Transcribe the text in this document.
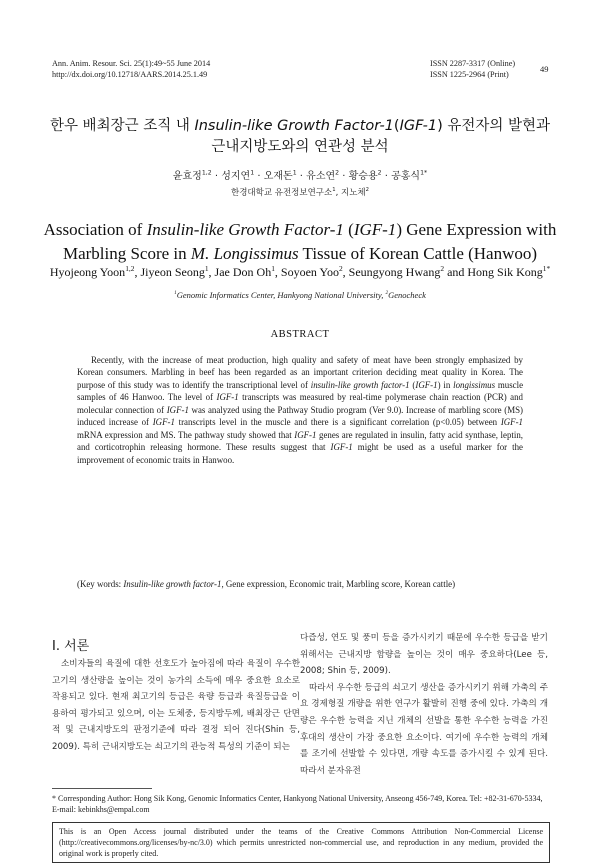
Ann. Anim. Resour. Sci. 25(1):49~55 June 2014
http://dx.doi.org/10.12718/AARS.2014.25.1.49
ISSN 2287-3317 (Online)
ISSN 1225-2964 (Print)
49
한우 배최장근 조직 내 Insulin-like Growth Factor-1(IGF-1) 유전자의 발현과
근내지방도와의 연관성 분석
윤효정$^{1,2}$ · 성지연$^1$ · 오재돈$^1$ · 유소연$^2$ · 황승용$^2$ · 공홍식$^{1*}$
한경대학교 유전정보연구소$^1$, 지노체$^2$
Association of Insulin-like Growth Factor-1 (IGF-1) Gene Expression with
Marbling Score in M. Longissimus Tissue of Korean Cattle (Hanwoo)
Hyojeong Yoon$^{1,2}$, Jiyeon Seong$^1$, Jae Don Oh$^1$, Soyoen Yoo$^2$, Seungyong Hwang$^2$ and Hong Sik Kong$^{1*}$
$^1$Genomic Informatics Center, Hankyong National University, $^2$Genocheck
ABSTRACT
Recently, with the increase of meat production, high quality and safety of meat have been strongly emphasized by Korean consumers. Marbling in beef has been regarded as an important criterion deciding meat quality in Korea. The purpose of this study was to identify the transcriptional level of insulin-like growth factor-1 (IGF-1) in longissimus muscle samples of 46 Hanwoo. The level of IGF-1 transcripts was measured by real-time polymerase chain reaction (PCR) and molecular connection of IGF-1 was analyzed using the Pathway Studio program (Ver 9.0). Increase of marbling score (MS) induced increase of IGF-1 transcripts level in the muscle and there is a significant correlation (p<0.05) between IGF-1 mRNA expression and MS. The pathway study showed that IGF-1 genes are regulated in insulin, fatty acid synthase, leptin, and corticotrophin releasing hormone. These results suggest that IGF-1 might be used as a useful marker for the improvement of economic traits in Hanwoo.
(Key words: Insulin-like growth factor-1, Gene expression, Economic trait, Marbling score, Korean cattle)
I. 서론

소비자들의 육질에 대한 선호도가 높아짐에 따라 육질이 우수한 고기의 생산량을 높이는 것이 농가의 소득에 매우 중요한 요소로 작용되고 있다. 현재 최고기의 등급은 육량 등급과 육질등급을 이용하여 평가되고 있으며, 이는 도체중, 등지방두께, 배최장근 단면적 및 근내지방도의 판정기준에 따라 결정 되어 진다(Shin 등, 2009). 특히 근내지방도는 쇠고기의 관능적 특성의 기준이 되는

다즙성, 연도 및 풍미 등을 증가시키기 때문에 우수한 등급을 받기 위해서는 근내지방 함량을 높이는 것이 매우 중요하다(Lee 등, 2008; Shin 등, 2009).

따라서 우수한 등급의 쇠고기 생산을 증가시키기 위해 가축의 주요 경제형질 개량을 위한 연구가 활발히 진행 중에 있다. 가축의 개량은 우수한 능력을 지닌 개체의 선발을 통한 우수한 능력을 가진 후대의 생산이 가장 중요한 요소이다. 여기에 우수한 능력의 개체를 조기에 선발할 수 있다면, 개량 속도를 증가시킬 수 있게 된다. 따라서 분자유전

* Corresponding Author: Hong Sik Kong, Genomic Informatics Center, Hankyong National University, Anseong 456-749, Korea. Tel: +82-31-670-5334, E-mail: kebinkhs@empal.com
This is an Open Access journal distributed under the teams of the Creative Commons Attribution Non-Commercial License (http://creativecommons.org/licenses/by-nc/3.0) which permits unrestricted non-commercial use, and reproduction in any medium, provided the original work is properly cited.
